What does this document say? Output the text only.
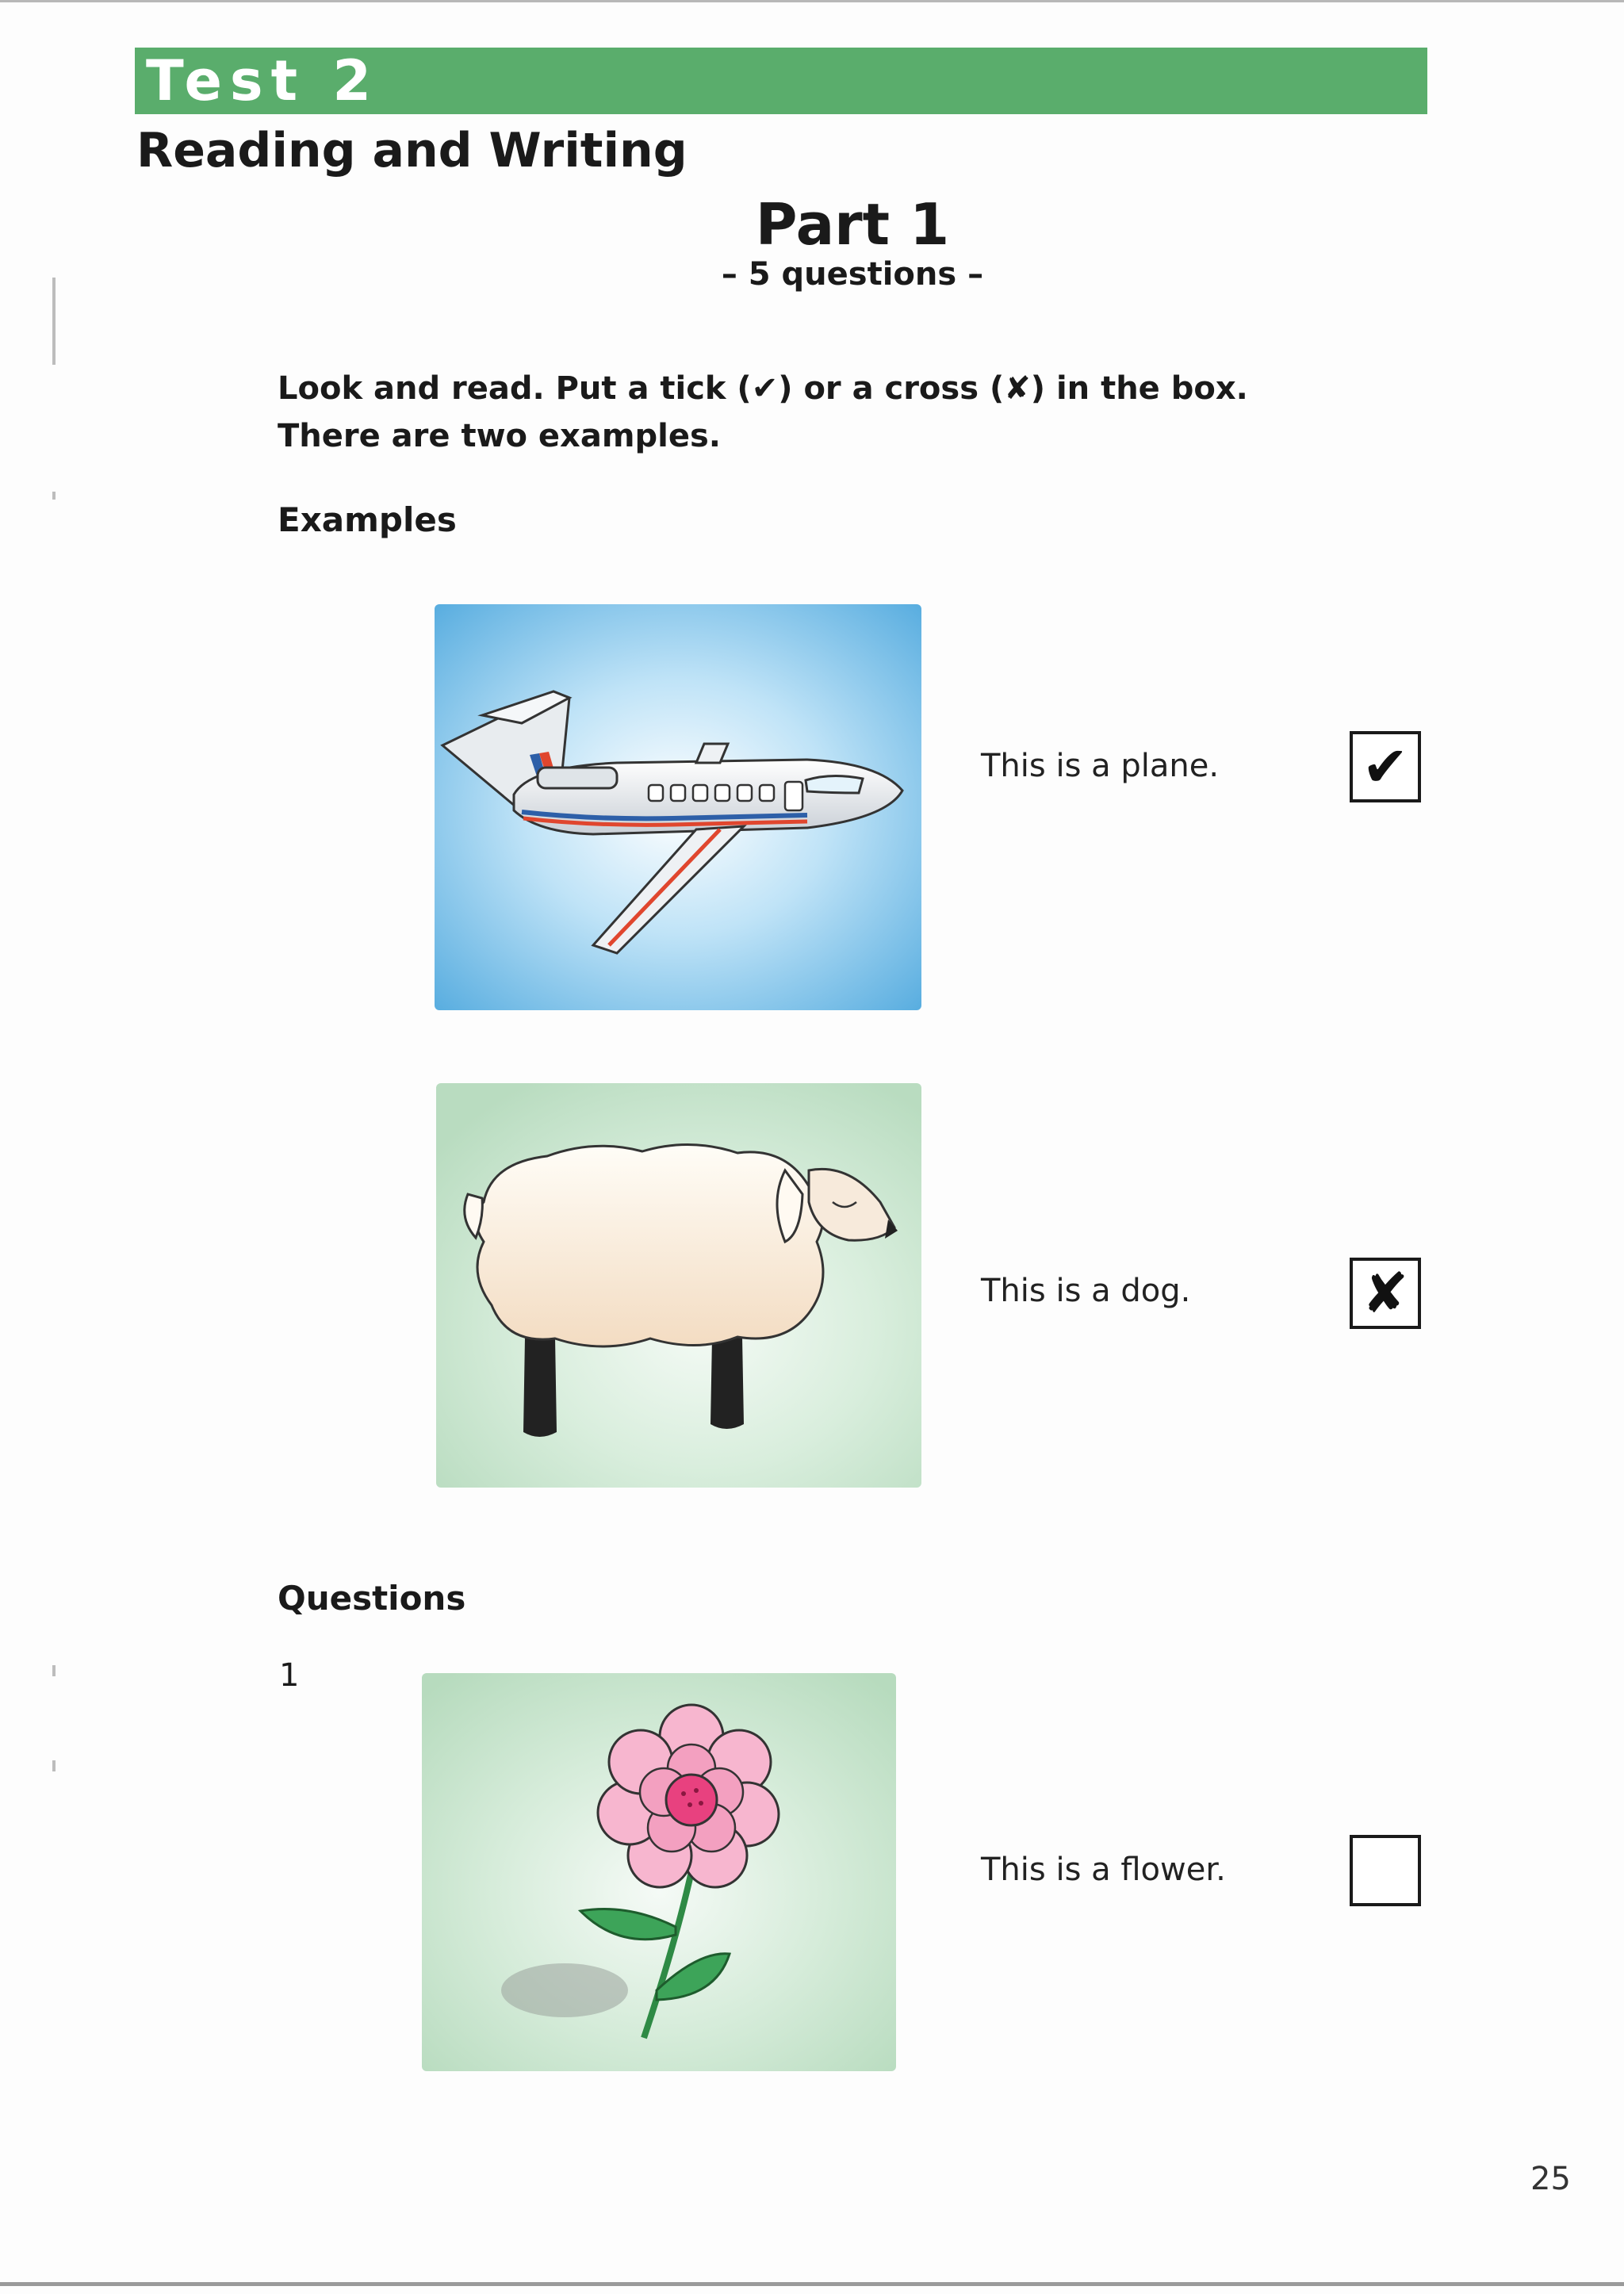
Test 2
Reading and Writing
Part 1
– 5 questions –
Look and read. Put a tick (✔) or a cross (✘) in the box.
There are two examples.
Examples
This is a plane.	✔
This is a dog.	✘
Questions
1
This is a flower.
25
